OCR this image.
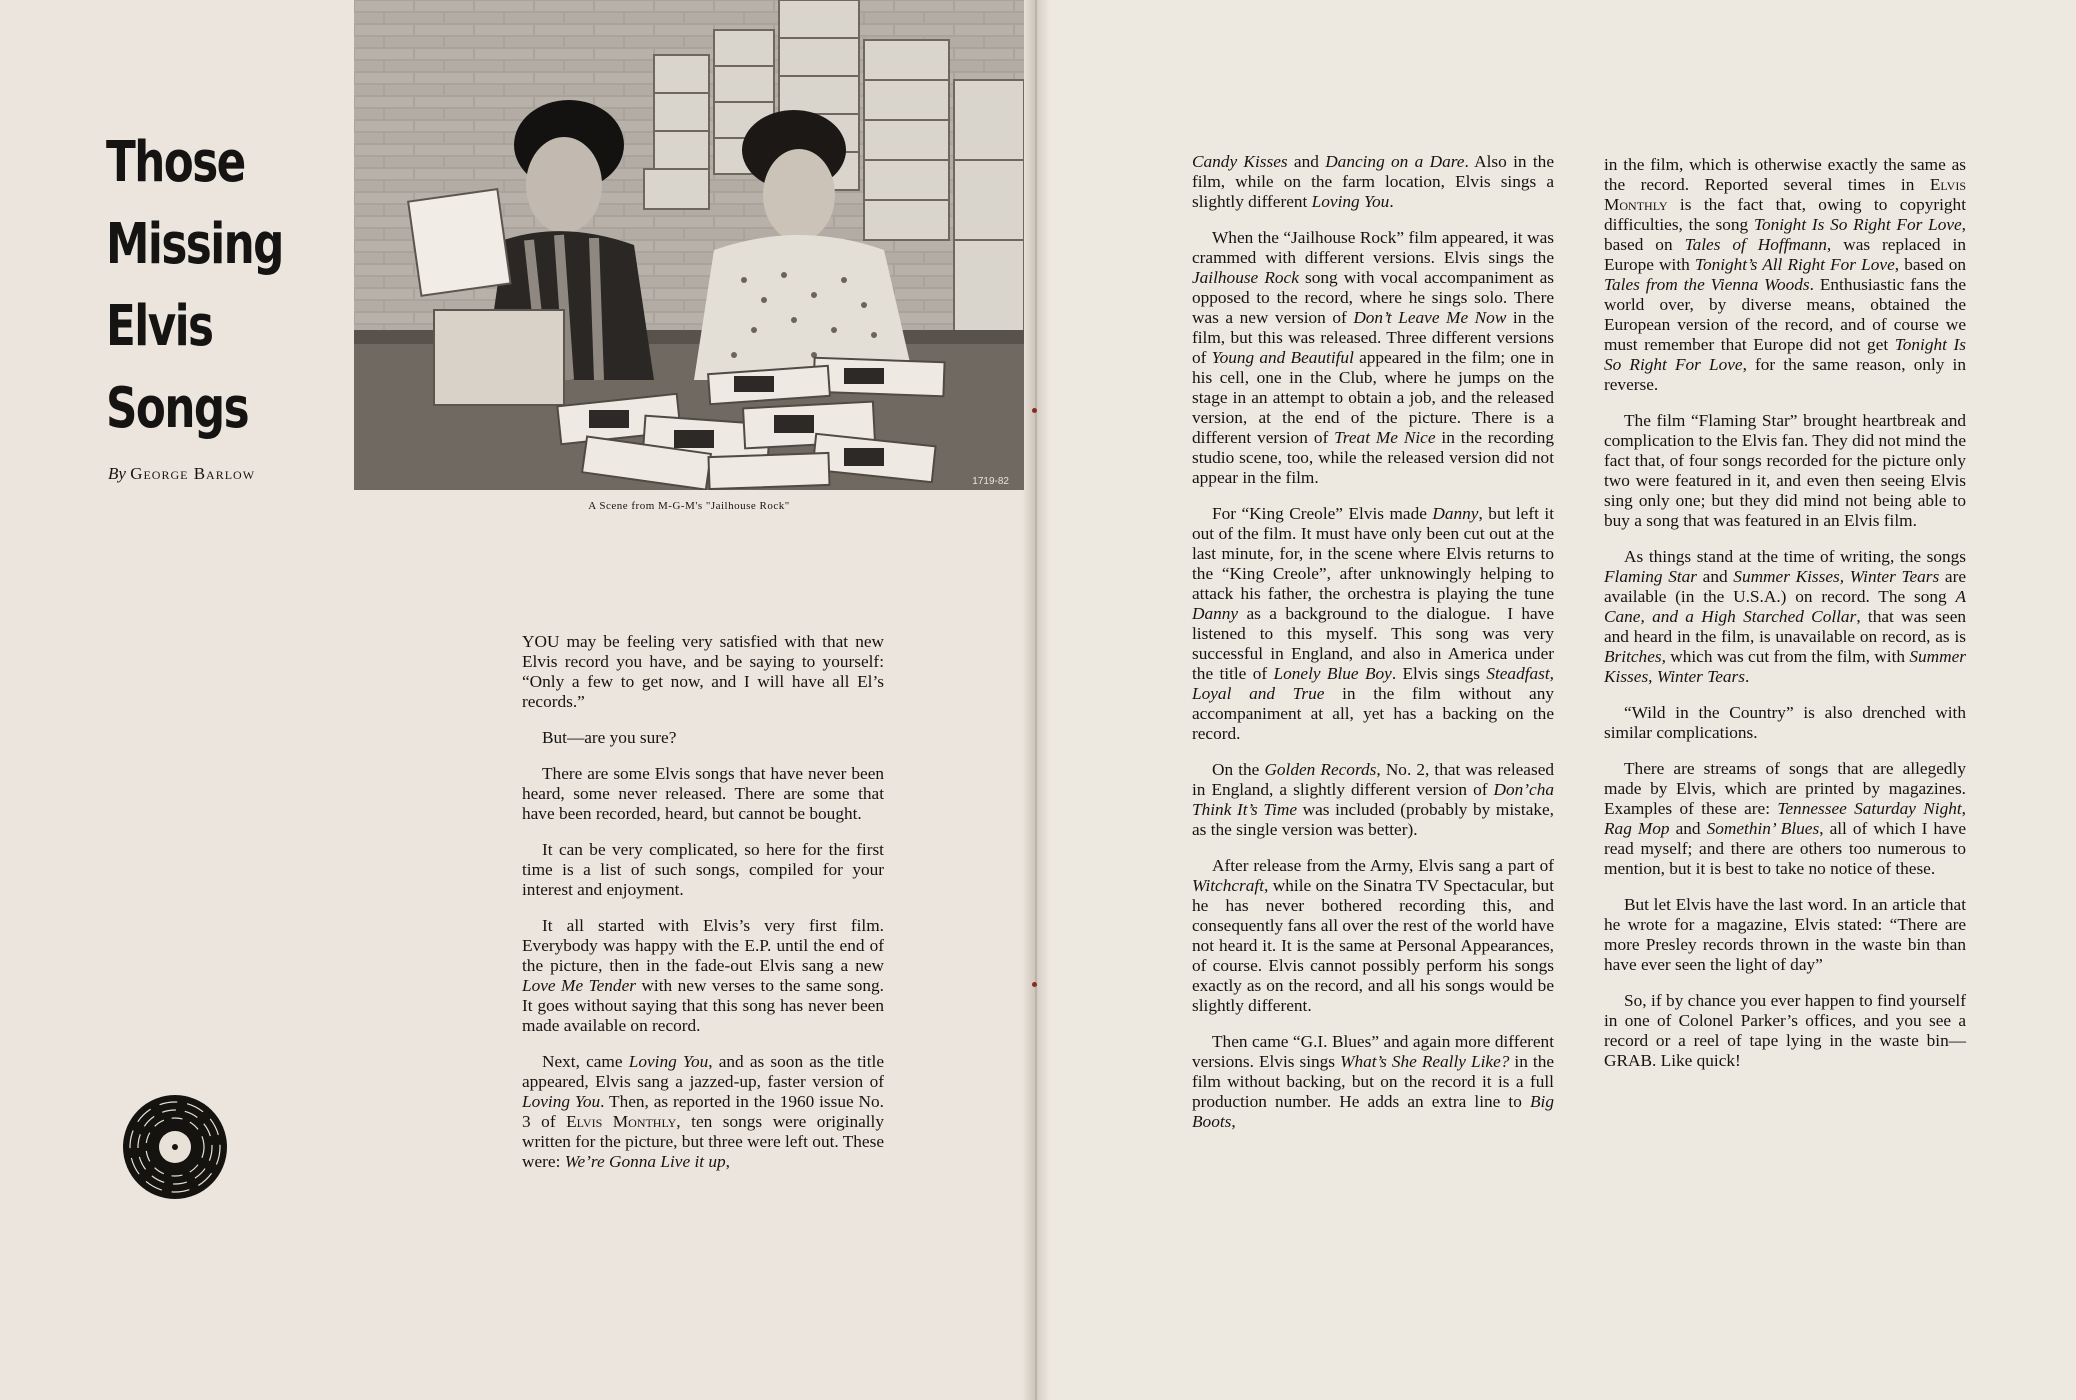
Those
Missing
Elvis
Songs
By George Barlow	1719-82
A Scene from M-G-M's "Jailhouse Rock"

YOU may be feeling very satisfied with that new Elvis record you have, and be saying to yourself: “Only a few to get now, and I will have all El’s records.”

But—are you sure?

There are some Elvis songs that have never been heard, some never released. There are some that have been recorded, heard, but cannot be bought.

It can be very complicated, so here for the first time is a list of such songs, compiled for your interest and enjoyment.

It all started with Elvis’s very first film. Everybody was happy with the E.P. until the end of the picture, then in the fade-out Elvis sang a new Love Me Tender with new verses to the same song. It goes without saying that this song has never been made available on record.

Next, came Loving You, and as soon as the title appeared, Elvis sang a jazzed-up, faster version of Loving You. Then, as reported in the 1960 issue No. 3 of Elvis Monthly, ten songs were originally written for the picture, but three were left out. These were: We’re Gonna Live it up,

Candy Kisses and Dancing on a Dare. Also in the film, while on the farm location, Elvis sings a slightly different Loving You.

When the “Jailhouse Rock” film appeared, it was crammed with different versions. Elvis sings the Jailhouse Rock song with vocal accompaniment as opposed to the record, where he sings solo. There was a new version of Don’t Leave Me Now in the film, but this was released. Three different versions of Young and Beautiful appeared in the film; one in his cell, one in the Club, where he jumps on the stage in an attempt to obtain a job, and the released version, at the end of the picture. There is a different version of Treat Me Nice in the recording studio scene, too, while the released version did not appear in the film.

For “King Creole” Elvis made Danny, but left it out of the film. It must have only been cut out at the last minute, for, in the scene where Elvis returns to the “King Creole”, after unknowingly helping to attack his father, the orchestra is playing the tune Danny as a background to the dialogue.  I have listened to this myself. This song was very successful in England, and also in America under the title of Lonely Blue Boy. Elvis sings Steadfast, Loyal and True in the film without any accompaniment at all, yet has a backing on the record.

On the Golden Records, No. 2, that was released in England, a slightly different version of Don’cha Think It’s Time was included (probably by mistake, as the single version was better).

After release from the Army, Elvis sang a part of Witchcraft, while on the Sinatra TV Spectacular, but he has never bothered recording this, and consequently fans all over the rest of the world have not heard it. It is the same at Personal Appearances, of course. Elvis cannot possibly perform his songs exactly as on the record, and all his songs would be slightly different.

Then came “G.I. Blues” and again more different versions. Elvis sings What’s She Really Like? in the film without backing, but on the record it is a full production number. He adds an extra line to Big Boots,

in the film, which is otherwise exactly the same as the record. Reported several times in Elvis Monthly is the fact that, owing to copyright difficulties, the song Tonight Is So Right For Love, based on Tales of Hoffmann, was replaced in Europe with Tonight’s All Right For Love, based on Tales from the Vienna Woods. Enthusiastic fans the world over, by diverse means, obtained the European version of the record, and of course we must remember that Europe did not get Tonight Is So Right For Love, for the same reason, only in reverse.

The film “Flaming Star” brought heartbreak and complication to the Elvis fan. They did not mind the fact that, of four songs recorded for the picture only two were featured in it, and even then seeing Elvis sing only one; but they did mind not being able to buy a song that was featured in an Elvis film.

As things stand at the time of writing, the songs Flaming Star and Summer Kisses, Winter Tears are available (in the U.S.A.) on record. The song A Cane, and a High Starched Collar, that was seen and heard in the film, is unavailable on record, as is Britches, which was cut from the film, with Summer Kisses, Winter Tears.

“Wild in the Country” is also drenched with similar complications.

There are streams of songs that are allegedly made by Elvis, which are printed by magazines. Examples of these are: Tennessee Saturday Night, Rag Mop and Somethin’ Blues, all of which I have read myself; and there are others too numerous to mention, but it is best to take no notice of these.

But let Elvis have the last word. In an article that he wrote for a magazine, Elvis stated: “There are more Presley records thrown in the waste bin than have ever seen the light of day”

So, if by chance you ever happen to find yourself in one of Colonel Parker’s offices, and you see a record or a reel of tape lying in the waste bin—GRAB. Like quick!
